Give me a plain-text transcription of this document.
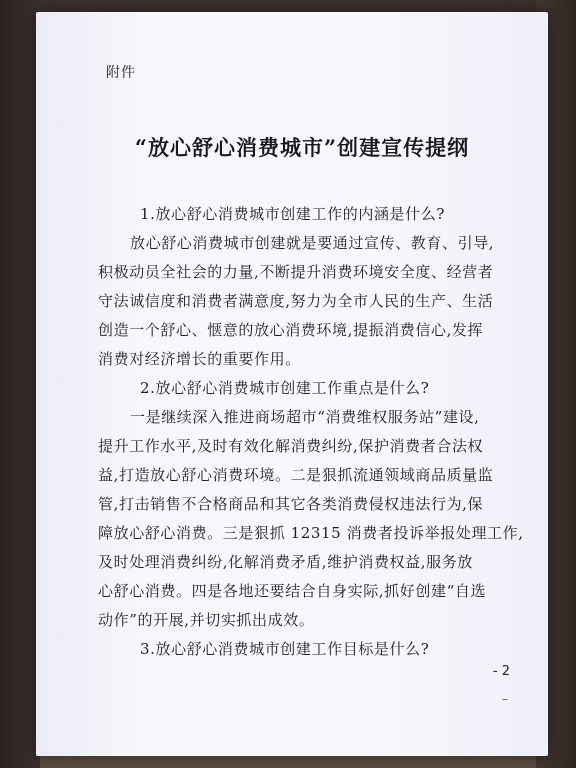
附件
“放心舒心消费城市”创建宣传提纲
1.放心舒心消费城市创建工作的内涵是什么?
放心舒心消费城市创建就是要通过宣传、教育、引导,
积极动员全社会的力量,不断提升消费环境安全度、经营者
守法诚信度和消费者满意度,努力为全市人民的生产、生活
创造一个舒心、惬意的放心消费环境,提振消费信心,发挥
消费对经济增长的重要作用。
2.放心舒心消费城市创建工作重点是什么?
一是继续深入推进商场超市“消费维权服务站”建设,
提升工作水平,及时有效化解消费纠纷,保护消费者合法权
益,打造放心舒心消费环境。二是狠抓流通领域商品质量监
管,打击销售不合格商品和其它各类消费侵权违法行为,保
障放心舒心消费。三是狠抓 12315 消费者投诉举报处理工作,
及时处理消费纠纷,化解消费矛盾,维护消费权益,服务放
心舒心消费。四是各地还要结合自身实际,抓好创建“自选
动作”的开展,并切实抓出成效。
3.放心舒心消费城市创建工作目标是什么?
- 2
–
